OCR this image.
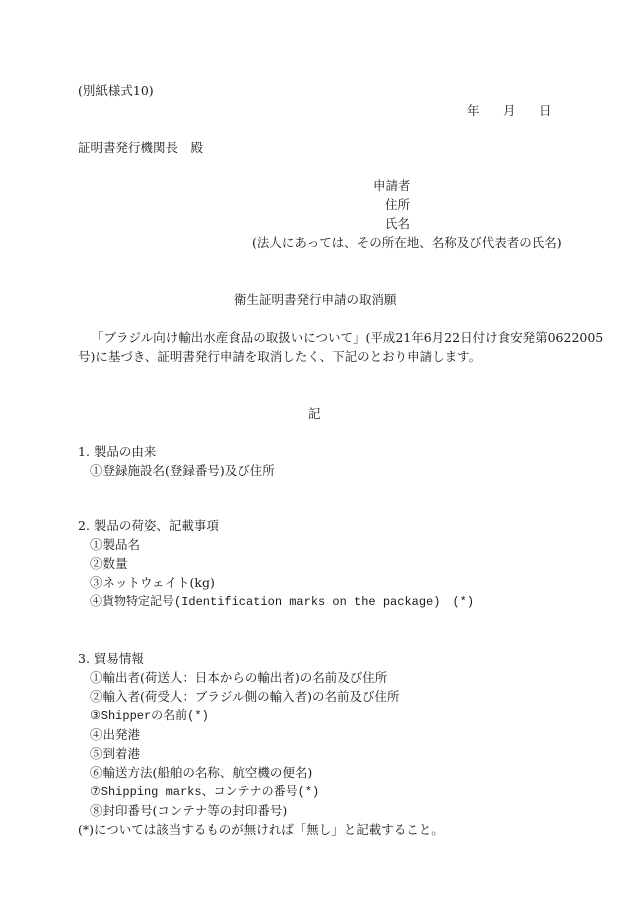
(別紙様式10)
年 月 日
証明書発行機関長　殿
申請者
住所
氏名
(法人にあっては、その所在地、名称及び代表者の氏名)
衛生証明書発行申請の取消願
「ブラジル向け輸出水産食品の取扱いについて」(平成21年6月22日付け食安発第0622005
号)に基づき、証明書発行申請を取消したく、下記のとおり申請します。
記
1. 製品の由来
①登録施設名(登録番号)及び住所
2. 製品の荷姿、記載事項
①製品名
②数量
③ネットウェイト(kg)
④貨物特定記号(Identification marks on the package)　(*)
3. 貿易情報
①輸出者(荷送人：日本からの輸出者)の名前及び住所
②輸入者(荷受人：ブラジル側の輸入者)の名前及び住所
③Shipperの名前(*)
④出発港
⑤到着港
⑥輸送方法(船舶の名称、航空機の便名)
⑦Shipping marks、コンテナの番号(*)
⑧封印番号(コンテナ等の封印番号)
(*)については該当するものが無ければ「無し」と記載すること。
